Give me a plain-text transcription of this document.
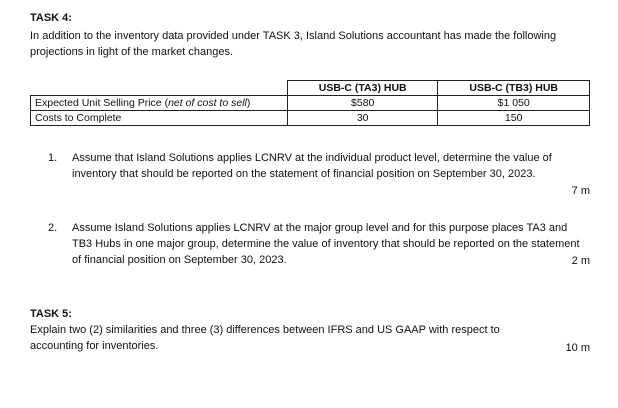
TASK 4:
In addition to the inventory data provided under TASK 3, Island Solutions accountant has made the following projections in light of the market changes.
	USB-C (TA3) HUB	USB-C (TB3) HUB
Expected Unit Selling Price (net of cost to sell)	$580	$1 050
Costs to Complete	30	150
1. Assume that Island Solutions applies LCNRV at the individual product level, determine the value of inventory that should be reported on the statement of financial position on September 30, 2023.
7 m
2. Assume Island Solutions applies LCNRV at the major group level and for this purpose places TA3 and TB3 Hubs in one major group, determine the value of inventory that should be reported on the statement of financial position on September 30, 2023.	2 m
TASK 5:
Explain two (2) similarities and three (3) differences between IFRS and US GAAP with respect to accounting for inventories.	10 m
